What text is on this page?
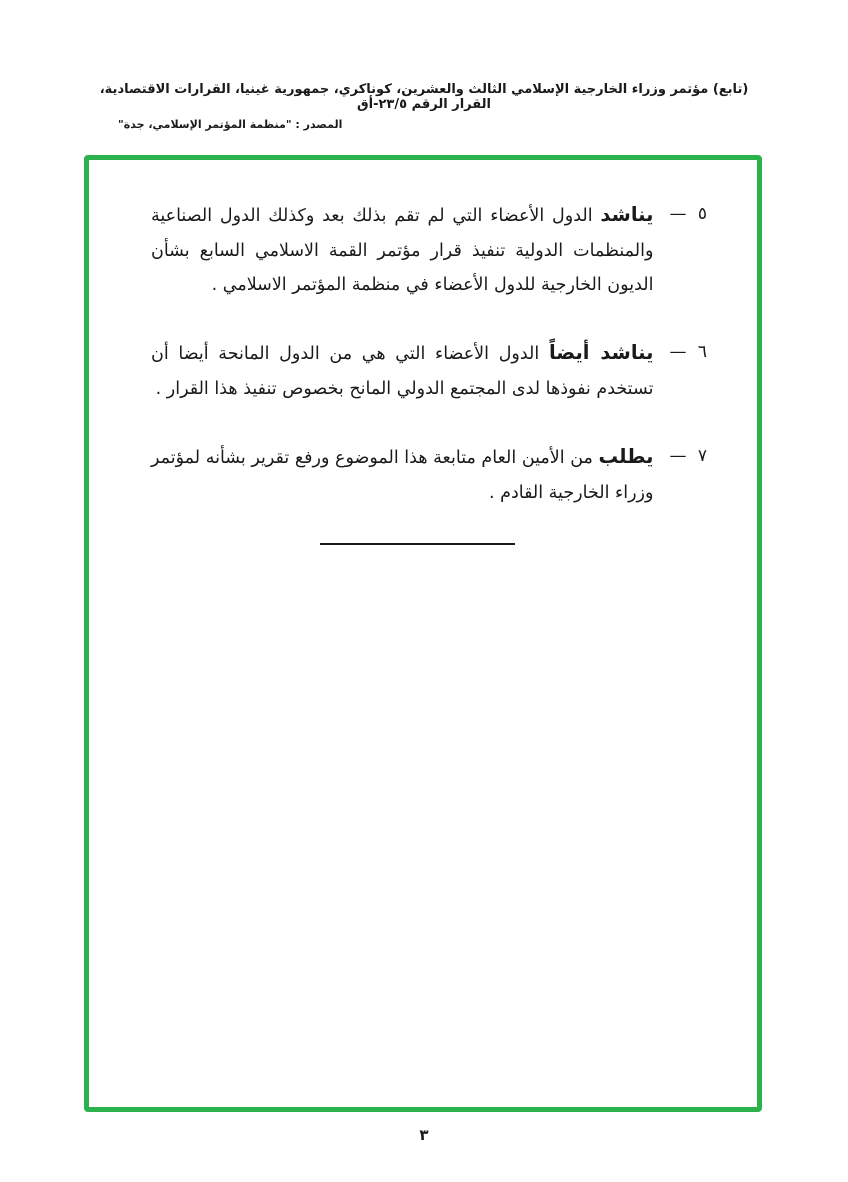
(تابع) مؤتمر وزراء الخارجية الإسلامي الثالث والعشرين، كوناكري، جمهورية غينيا، القرارات الاقتصادية، القرار الرقم ٢٣/٥-أق
المصدر : "منظمة المؤتمر الإسلامي، جدة"
٥ —
يناشد الدول الأعضاء التي لم تقم بذلك بعد وكذلك الدول الصناعية والمنظمات الدولية تنفيذ قرار مؤتمر القمة الاسلامي السابع بشأن الديون الخارجية للدول الأعضاء في منظمة المؤتمر الاسلامي .
٦ —
يناشد أيضاً الدول الأعضاء التي هي من الدول المانحة أيضا أن تستخدم نفوذها لدى المجتمع الدولي المانح بخصوص تنفيذ هذا القرار .
٧ —
يطلب من الأمين العام متابعة هذا الموضوع ورفع تقرير بشأنه لمؤتمر وزراء الخارجية القادم .
٣
